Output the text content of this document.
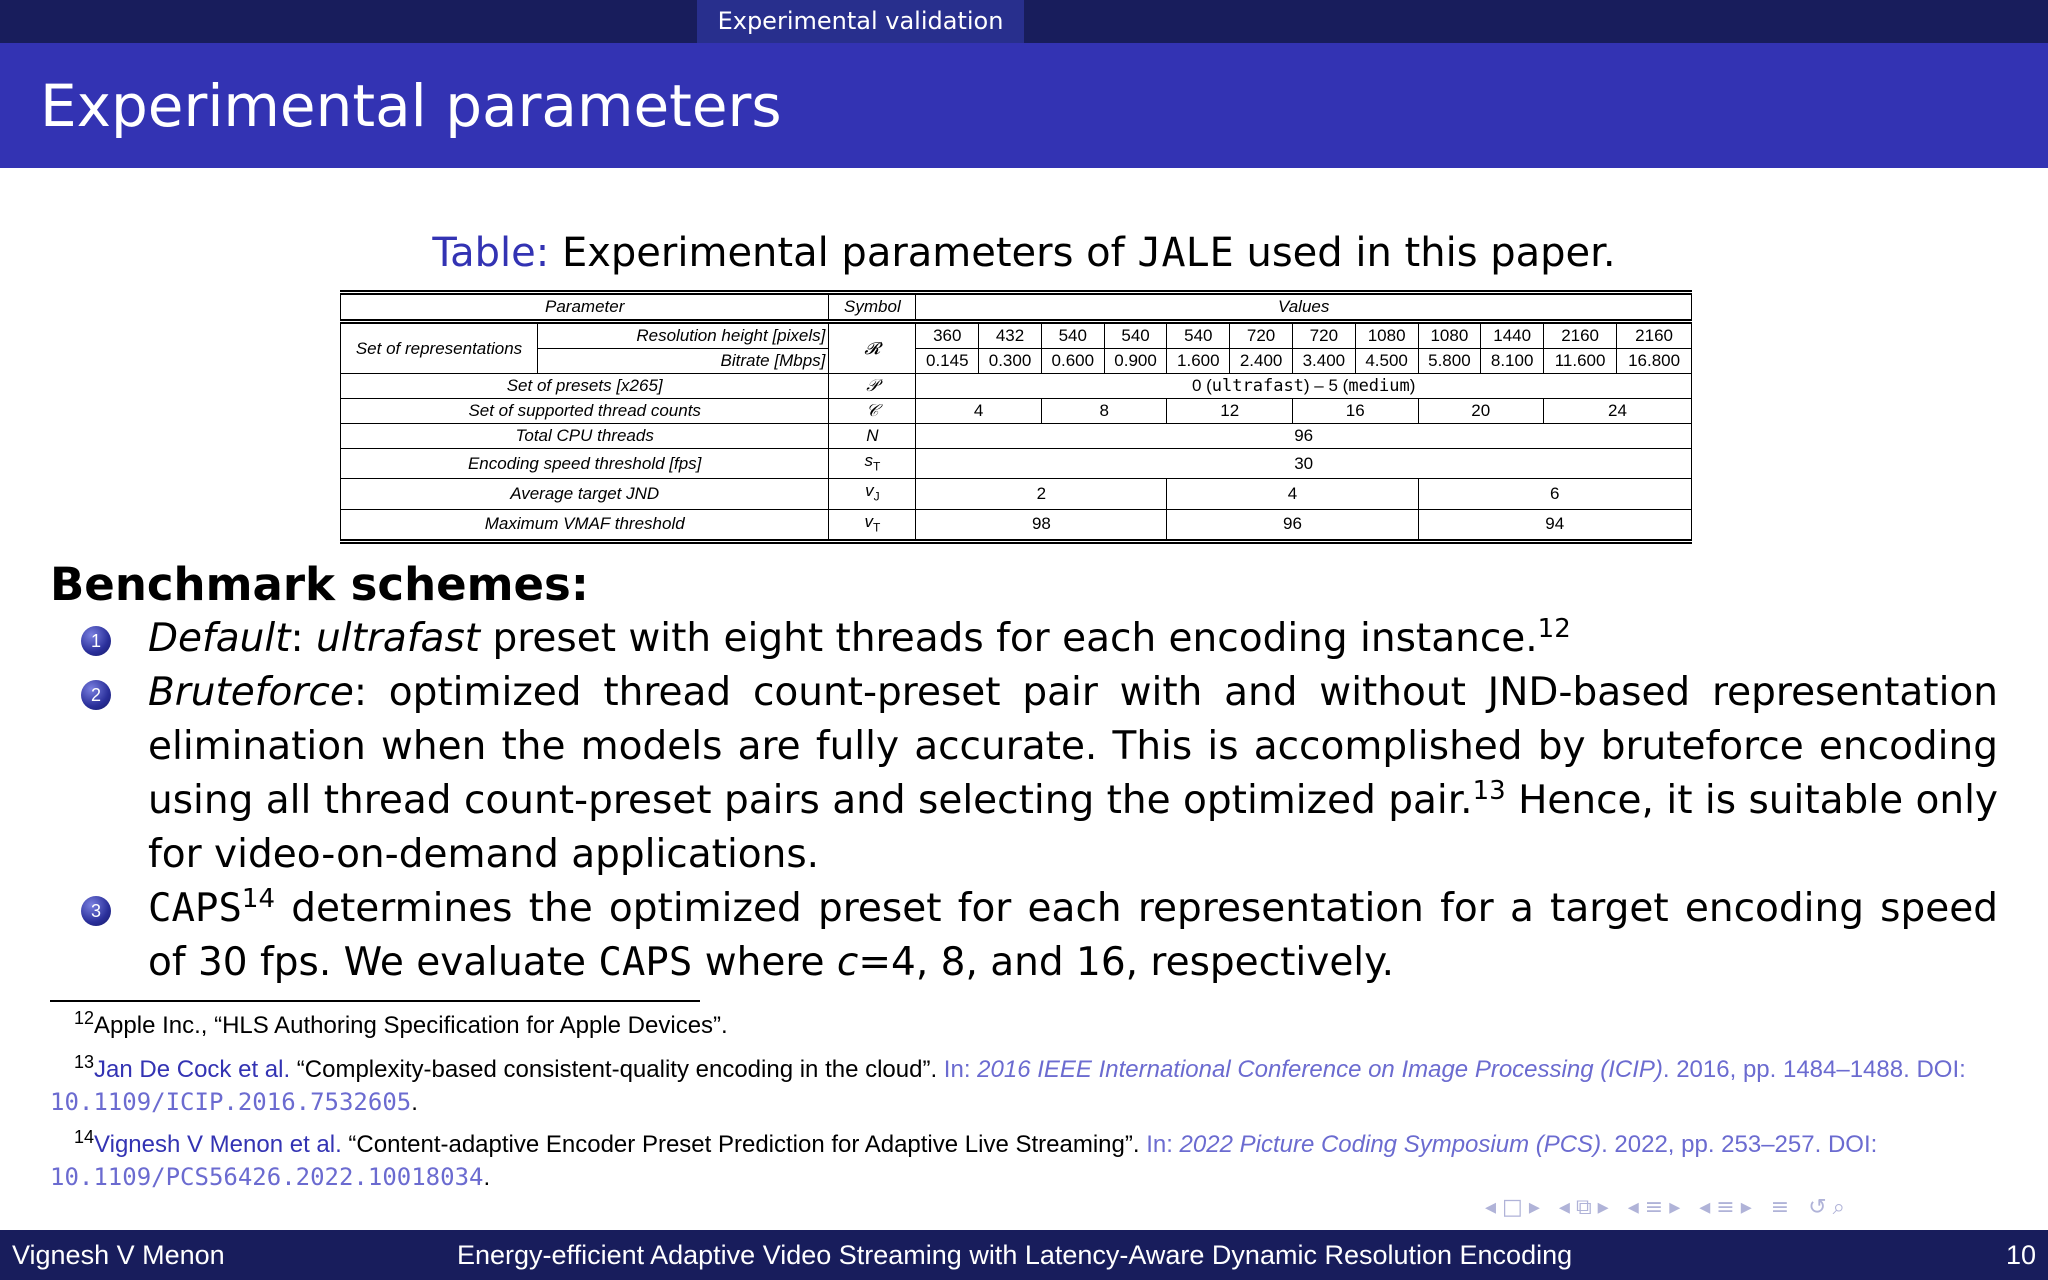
Experimental validation
Experimental parameters
Table: Experimental parameters of JALE used in this paper.
Parameter		Symbol	Values											
Set of representations	Resolution height [pixels]	𝓡	360	432	540	540	540	720	720	1080	1080	1440	2160	2160
	Bitrate [Mbps]		0.145	0.300	0.600	0.900	1.600	2.400	3.400	4.500	5.800	8.100	11.600	16.800
Set of presets [x265]		𝒫	0 (ultrafast) – 5 (medium)											
Set of supported thread counts		𝒞	4		8		12		16		20		24	
Total CPU threads		N	96											
Encoding speed threshold [fps]		$s_T$	30											
Average target JND		$v_J$	2				4				6			
Maximum VMAF threshold		$v_T$	98				96				94			
Benchmark schemes:
1 Default: ultrafast preset with eight threads for each encoding instance.$^{12}$
2 Bruteforce: optimized thread count-preset pair with and without JND-based representation elimination when the models are fully accurate. This is accomplished by bruteforce encoding using all thread count-preset pairs and selecting the optimized pair.$^{13}$ Hence, it is suitable only for video-on-demand applications.
3 CAPS$^{14}$ determines the optimized preset for each representation for a target encoding speed of 30 fps. We evaluate CAPS where c=4, 8, and 16, respectively.
$^{12}$Apple Inc., “HLS Authoring Specification for Apple Devices”.
$^{13}$Jan De Cock et al. “Complexity-based consistent-quality encoding in the cloud”. In: 2016 IEEE International Conference on Image Processing (ICIP). 2016, pp. 1484–1488. DOI: 10.1109/ICIP.2016.7532605.
$^{14}$Vignesh V Menon et al. “Content-adaptive Encoder Preset Prediction for Adaptive Live Streaming”. In: 2022 Picture Coding Symposium (PCS). 2022, pp. 253–257. DOI: 10.1109/PCS56426.2022.10018034.
◂□▸ ◂⧉▸ ◂≡▸ ◂≡▸ ≡ ↺⌕
Vignesh V Menon	Energy-efficient Adaptive Video Streaming with Latency-Aware Dynamic Resolution Encoding	10
